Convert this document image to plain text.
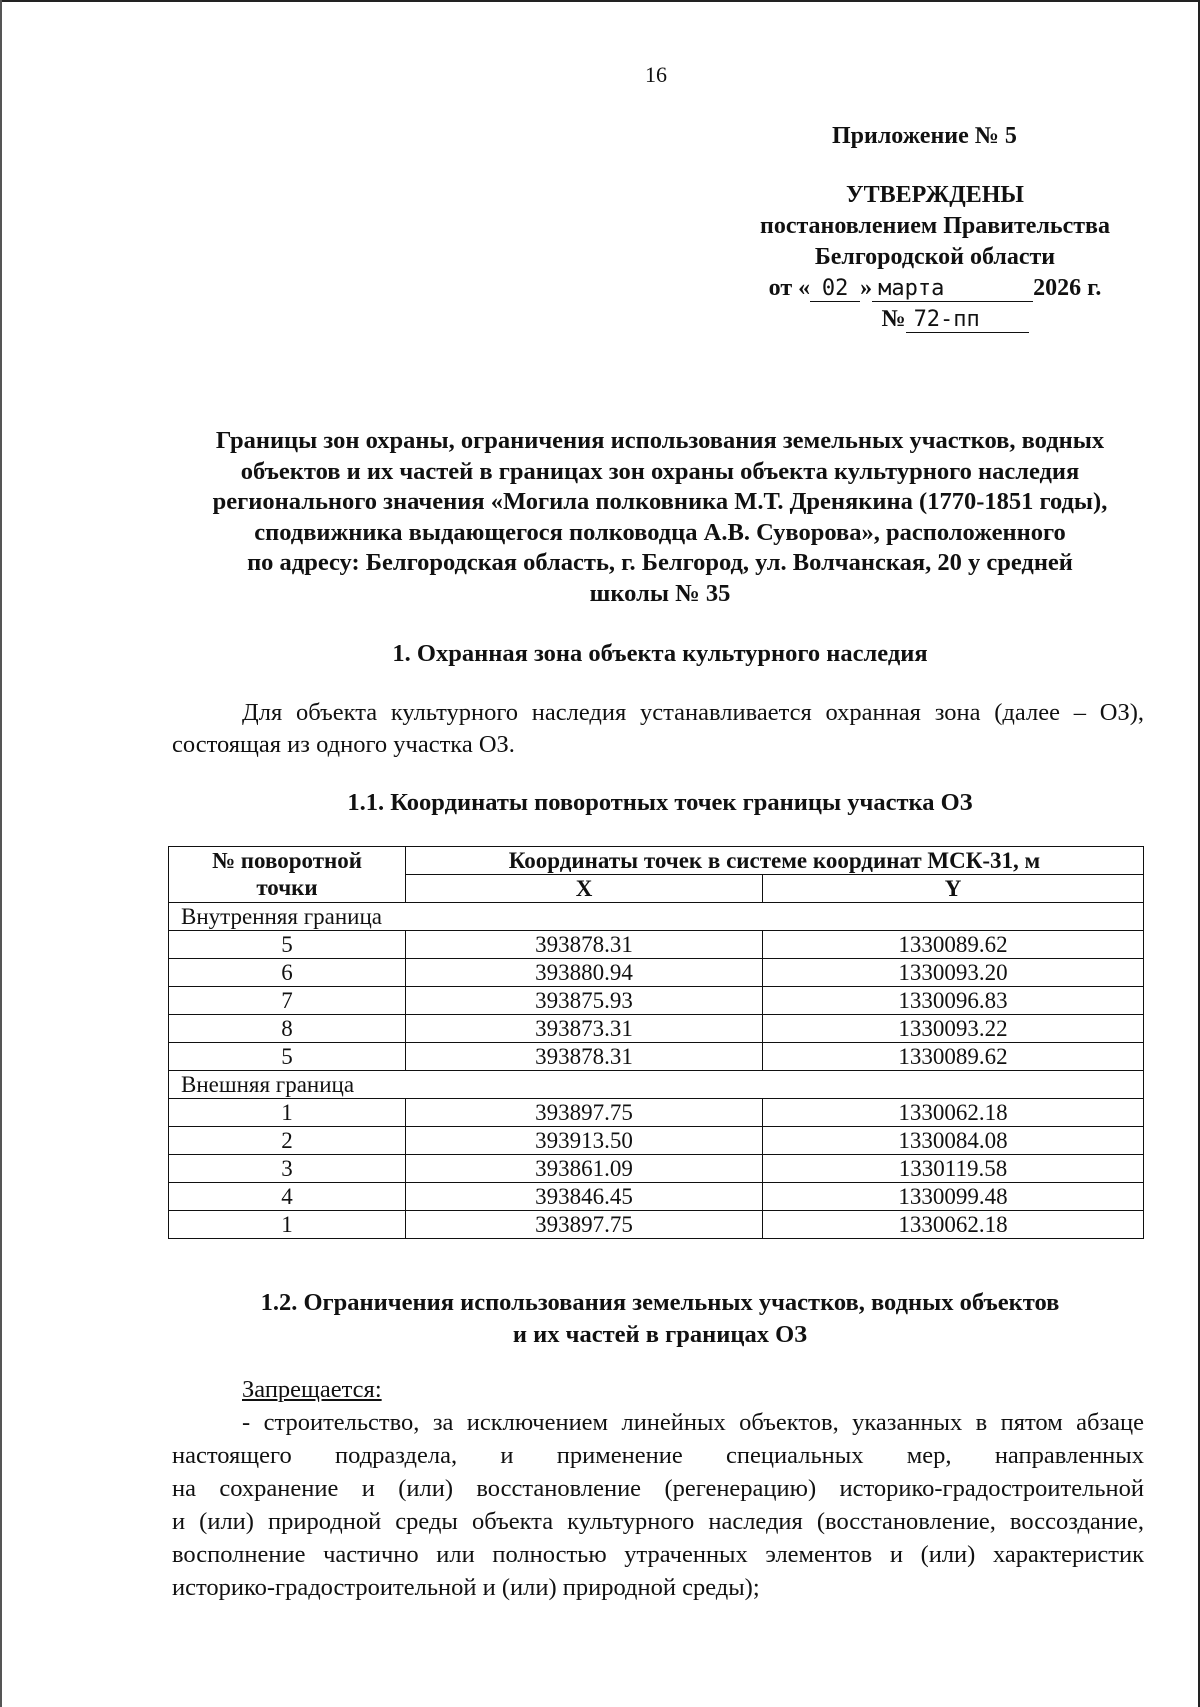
16
Приложение № 5
УТВЕРЖДЕНЫ
постановлением Правительства
Белгородской области
от « 02 » марта	2026 г.
№ 72-пп
Границы зон охраны, ограничения использования земельных участков, водных
объектов и их частей в границах зон охраны объекта культурного наследия
регионального значения «Могила полковника М.Т. Дренякина (1770-1851 годы),
сподвижника выдающегося полководца А.В. Суворова», расположенного
по адресу: Белгородская область, г. Белгород, ул. Волчанская, 20 у средней
школы № 35
1. Охранная зона объекта культурного наследия
Для объекта культурного наследия устанавливается охранная зона (далее – ОЗ), состоящая из одного участка ОЗ.
1.1. Координаты поворотных точек границы участка ОЗ
№ поворотной	Координаты точек в системе координат МСК-31, м	
точки	X	Y
Внутренняя граница		
5	393878.31	1330089.62
6	393880.94	1330093.20
7	393875.93	1330096.83
8	393873.31	1330093.22
5	393878.31	1330089.62
Внешняя граница		
1	393897.75	1330062.18
2	393913.50	1330084.08
3	393861.09	1330119.58
4	393846.45	1330099.48
1	393897.75	1330062.18
1.2. Ограничения использования земельных участков, водных объектов
и их частей в границах ОЗ
Запрещается:
- строительство, за исключением линейных объектов, указанных в пятом абзаце
настоящего подраздела, и применение специальных мер, направленных
на сохранение и (или) восстановление (регенерацию) историко-градостроительной
и (или) природной среды объекта культурного наследия (восстановление, воссоздание,
восполнение частично или полностью утраченных элементов и (или) характеристик
историко-градостроительной и (или) природной среды);
